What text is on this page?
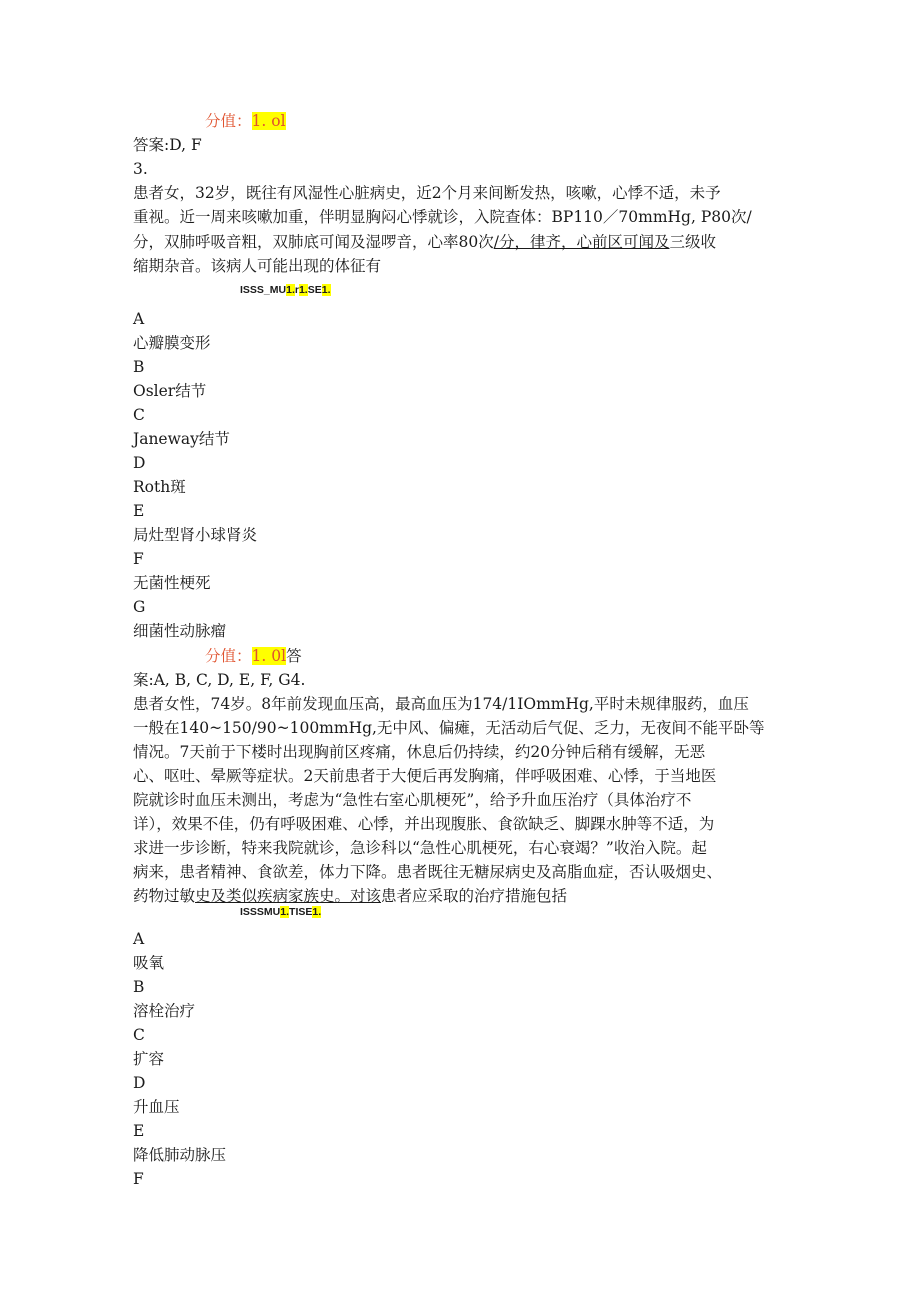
分值：1. ol
答案:D, F
3.
患者女，32岁，既往有风湿性心脏病史，近2个月来间断发热，咳嗽，心悸不适，未予
重视。近一周来咳嗽加重，伴明显胸闷心悸就诊，入院查体：BP110／70mmHg, P80次/
分，双肺呼吸音粗，双肺底可闻及湿啰音，心率80次/分，律齐，心前区可闻及三级收
缩期杂音。该病人可能出现的体征有
ISSS_MU1.r1.SE1.
A
心瓣膜变形
B
Osler结节
C
Janeway结节
D
Roth斑
E
局灶型肾小球肾炎
F
无菌性梗死
G
细菌性动脉瘤
分值：1. 0l答
案:A, B, C, D, E, F, G4.
患者女性，74岁。8年前发现血压高，最高血压为174/1IOmmHg,平时未规律服药，血压
一般在140~150/90~100mmHg,无中风、偏瘫，无活动后气促、乏力，无夜间不能平卧等
情况。7天前于下楼时出现胸前区疼痛，休息后仍持续，约20分钟后稍有缓解，无恶
心、呕吐、晕厥等症状。2天前患者于大便后再发胸痛，伴呼吸困难、心悸，于当地医
院就诊时血压未测出，考虑为“急性右室心肌梗死”，给予升血压治疗（具体治疗不
详），效果不佳，仍有呼吸困难、心悸，并出现腹胀、食欲缺乏、脚踝水肿等不适，为
求进一步诊断，特来我院就诊，急诊科以“急性心肌梗死，右心衰竭？”收治入院。起
病来，患者精神、食欲差，体力下降。患者既往无糖尿病史及高脂血症，否认吸烟史、
药物过敏史及类似疾病家族史。对该患者应采取的治疗措施包括
ISSSMU1.TISE1.
A
吸氧
B
溶栓治疗
C
扩容
D
升血压
E
降低肺动脉压
F
